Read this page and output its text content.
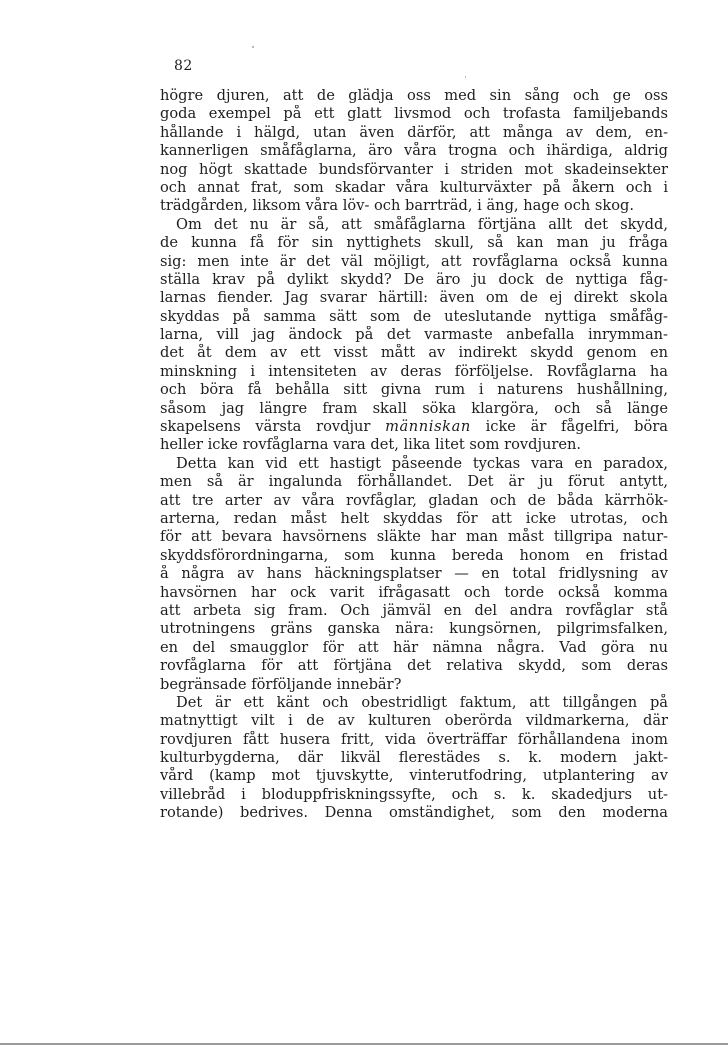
82
högre djuren, att de glädja oss med sin sång och ge oss
goda exempel på ett glatt livsmod och trofasta familjebands
hållande i hälgd, utan även därför, att många av dem, en-
kannerligen småfåglarna, äro våra trogna och ihärdiga, aldrig
nog högt skattade bundsförvanter i striden mot skadeinsekter
och annat frat, som skadar våra kulturväxter på åkern och i
trädgården, liksom våra löv- och barrträd, i äng, hage och skog.
Om det nu är så, att småfåglarna förtjäna allt det skydd,
de kunna få för sin nyttighets skull, så kan man ju fråga
sig: men inte är det väl möjligt, att rovfåglarna också kunna
ställa krav på dylikt skydd? De äro ju dock de nyttiga fåg-
larnas fiender. Jag svarar härtill: även om de ej direkt skola
skyddas på samma sätt som de uteslutande nyttiga småfåg-
larna, vill jag ändock på det varmaste anbefalla inrymman-
det åt dem av ett visst mått av indirekt skydd genom en
minskning i intensiteten av deras förföljelse. Rovfåglarna ha
och böra få behålla sitt givna rum i naturens hushållning,
såsom jag längre fram skall söka klargöra, och så länge
skapelsens värsta rovdjur människan icke är fågelfri, böra
heller icke rovfåglarna vara det, lika litet som rovdjuren.
Detta kan vid ett hastigt påseende tyckas vara en paradox,
men så är ingalunda förhållandet. Det är ju förut antytt,
att tre arter av våra rovfåglar, gladan och de båda kärrhök-
arterna, redan måst helt skyddas för att icke utrotas, och
för att bevara havsörnens släkte har man måst tillgripa natur-
skyddsförordningarna, som kunna bereda honom en fristad
å några av hans häckningsplatser — en total fridlysning av
havsörnen har ock varit ifrågasatt och torde också komma
att arbeta sig fram. Och jämväl en del andra rovfåglar stå
utrotningens gräns ganska nära: kungsörnen, pilgrimsfalken,
en del smaugglor för att här nämna några. Vad göra nu
rovfåglarna för att förtjäna det relativa skydd, som deras
begränsade förföljande innebär?
Det är ett känt och obestridligt faktum, att tillgången på
matnyttigt vilt i de av kulturen oberörda vildmarkerna, där
rovdjuren fått husera fritt, vida överträffar förhållandena inom
kulturbygderna, där likväl flerestädes s. k. modern jakt-
vård (kamp mot tjuvskytte, vinterutfodring, utplantering av
villebråd i bloduppfriskningssyfte, och s. k. skadedjurs ut-
rotande) bedrives. Denna omständighet, som den moderna
